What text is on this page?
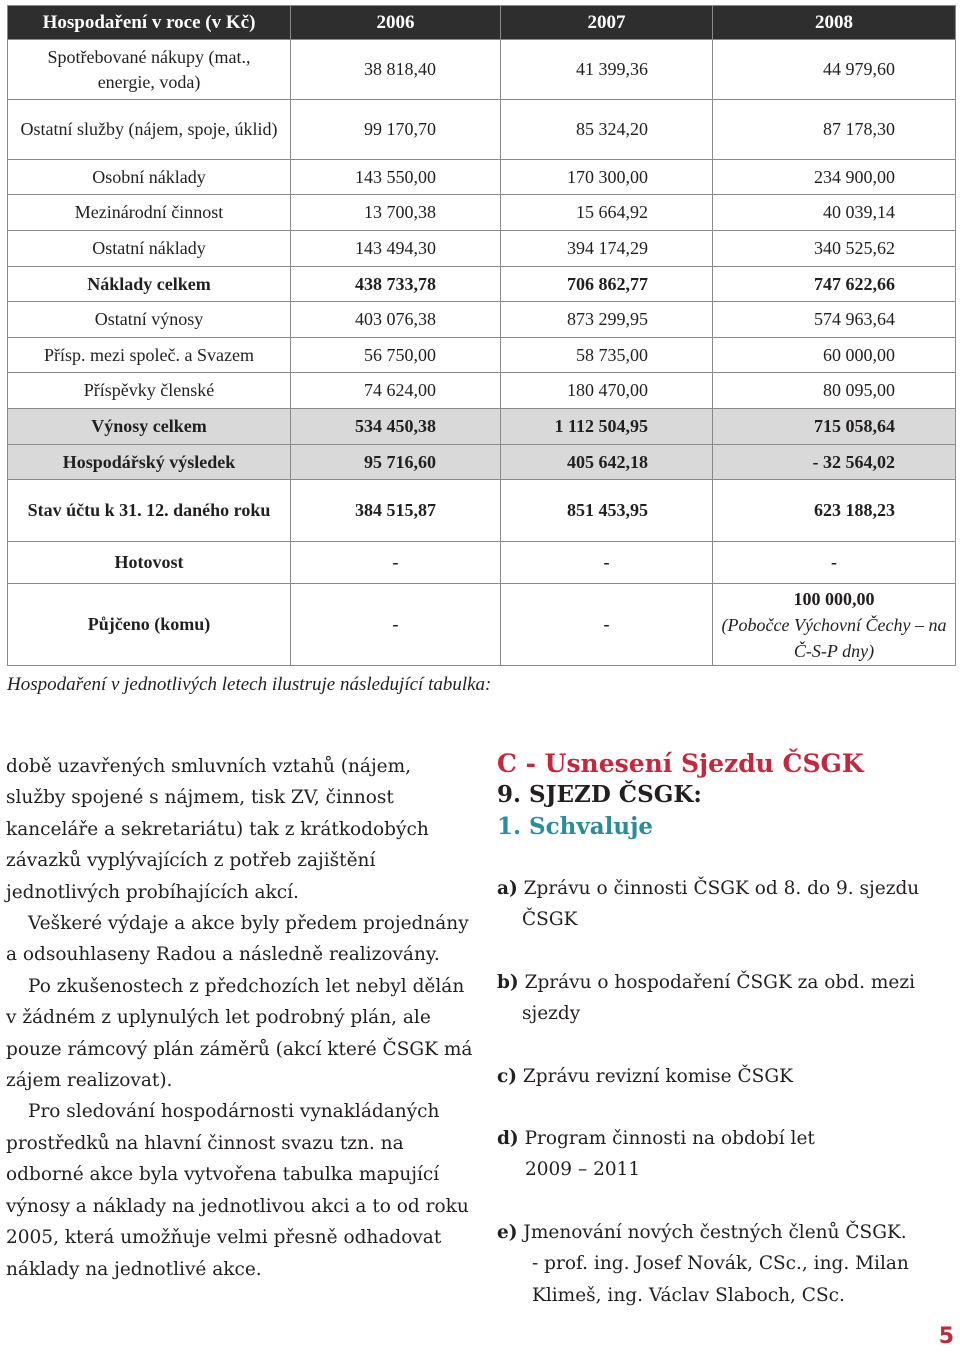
Hospodaření v roce (v Kč)	2006	2007	2008
Spotřebované nákupy (mat., energie, voda)	38 818,40	41 399,36	44 979,60
Ostatní služby (nájem, spoje, úklid)	99 170,70	85 324,20	87 178,30
Osobní náklady	143 550,00	170 300,00	234 900,00
Mezinárodní činnost	13 700,38	15 664,92	40 039,14
Ostatní náklady	143 494,30	394 174,29	340 525,62
Náklady celkem	438 733,78	706 862,77	747 622,66
Ostatní výnosy	403 076,38	873 299,95	574 963,64
Přísp. mezi společ. a Svazem	56 750,00	58 735,00	60 000,00
Příspěvky členské	74 624,00	180 470,00	80 095,00
Výnosy celkem	534 450,38	1 112 504,95	715 058,64
Hospodářský výsledek	95 716,60	405 642,18	- 32 564,02
Stav účtu k 31. 12. daného roku	384 515,87	851 453,95	623 188,23
Hotovost	-	-	-
Půjčeno (komu)	-	-	100 000,00
(Pobočce Výchovní Čechy – na Č-S-P dny)
Hospodaření v jednotlivých letech ilustruje následující tabulka:

době uzavřených smluvních vztahů (nájem, služby spojené s nájmem, tisk ZV, činnost kanceláře a sekretariátu) tak z krátkodobých závazků vyplývajících z potřeb zajištění jednotlivých probíhajících akcí.

Veškeré výdaje a akce byly předem projednány a odsouhlaseny Radou a následně realizovány.

Po zkušenostech z předchozích let nebyl dělán v žádném z uplynulých let podrobný plán, ale pouze rámcový plán záměrů (akcí které ČSGK má zájem realizovat).

Pro sledování hospodárnosti vynakládaných prostředků na hlavní činnost svazu tzn. na odborné akce byla vytvořena tabulka mapující výnosy a náklady na jednotlivou akci a to od roku 2005, která umožňuje velmi přesně odhadovat náklady na jednotlivé akce.

C - Usnesení Sjezdu ČSGK
9. SJEZD ČSGK:
1. Schvaluje

a) Zprávu o činnosti ČSGK od 8. do 9. sjezdu
ČSGK

b) Zprávu o hospodaření ČSGK za obd. mezi
sjezdy

c) Zprávu revizní komise ČSGK

d) Program činnosti na období let
2009 – 2011

e) Jmenování nových čestných členů ČSGK.
- prof. ing. Josef Novák, CSc., ing. Milan
Klimeš, ing. Václav Slaboch, CSc.

5
